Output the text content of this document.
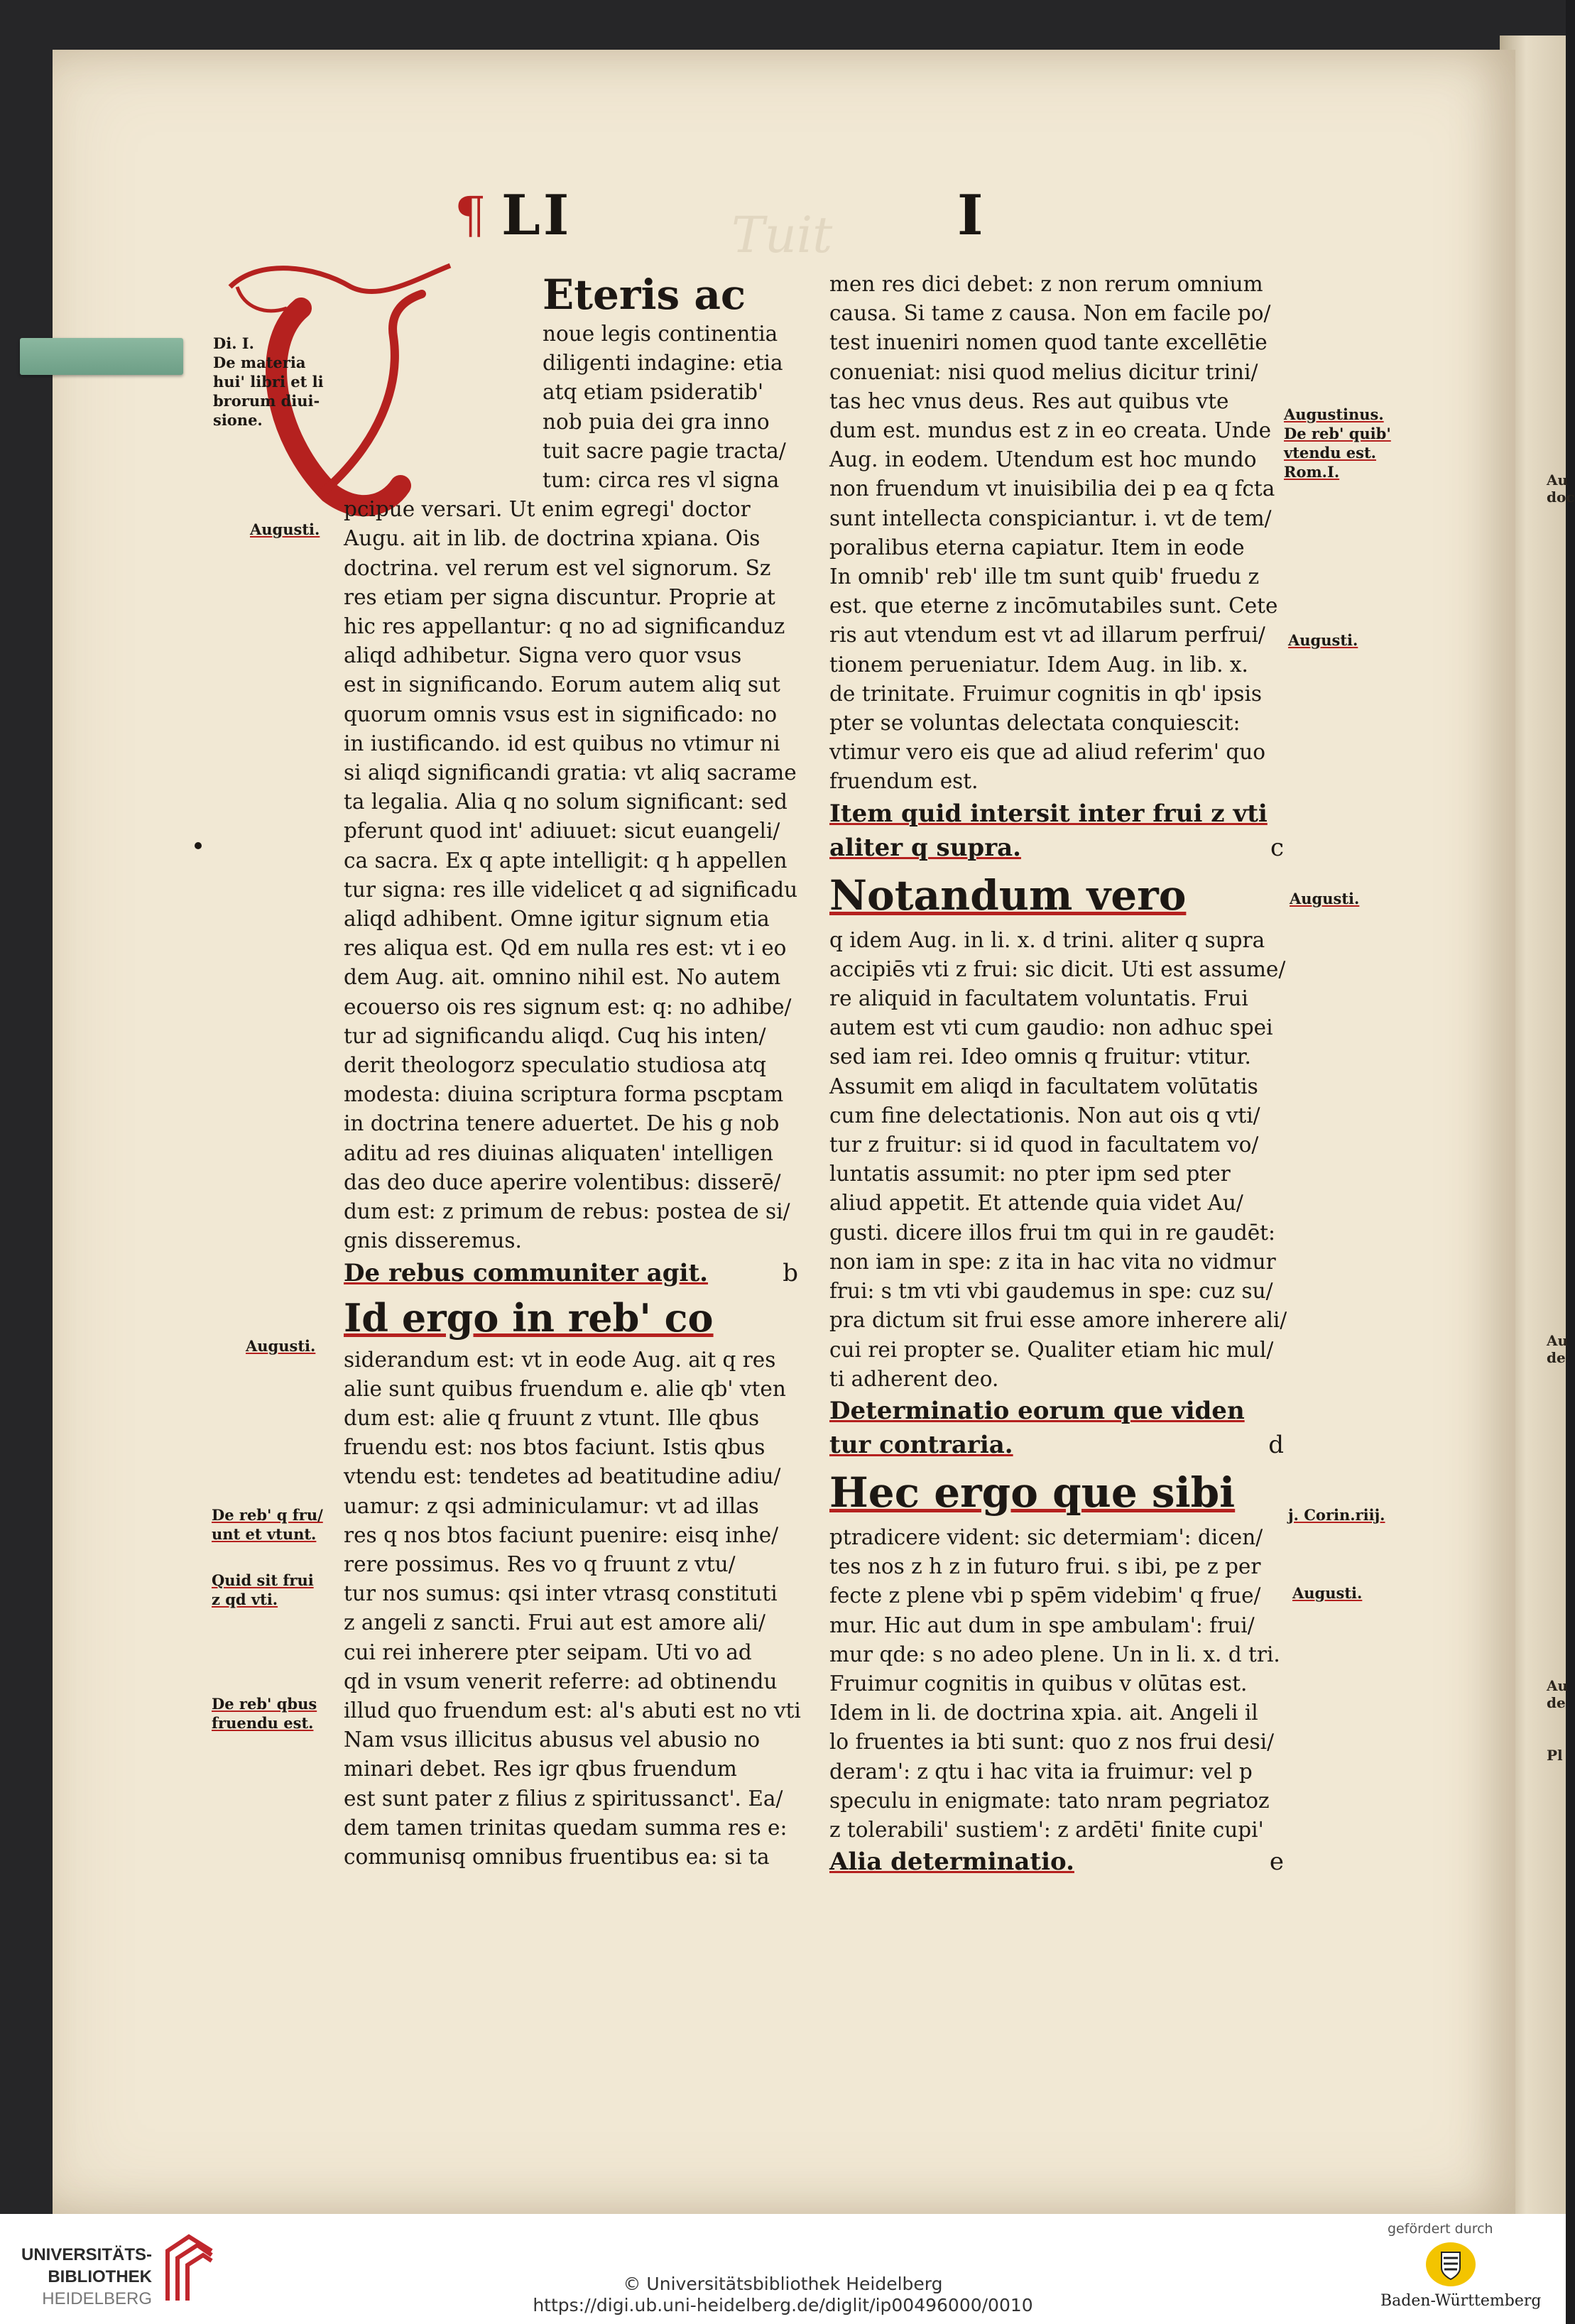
Tuit
¶ LI	I
Di. I.
De materia
hui' libri et li
brorum diui-
sione.
Augusti.
Augusti.
De reb' q fru/
unt et vtunt.
Quid sit frui
z qd vti.
De reb' qbus
fruendu est.
Augustinus.
De reb' quib'
vtendu est.
Rom.I.
Augusti.
Augusti.
j. Corin.riij.
Augusti.
Au
doc
Au
de
Au
de
Pl

Eteris ac

noue legis continentia

diligenti indagine: etia

atq etiam psideratib'

nob puia dei gra inno

tuit sacre pagie tracta/

tum: circa res vl signa

pcipue versari. Ut enim egregi' doctor

Augu. ait in lib. de doctrina xpiana. Ois

doctrina. vel rerum est vel signorum. Sz

res etiam per signa discuntur. Proprie at

hic res appellantur: q no ad significanduz

aliqd adhibetur. Signa vero quor vsus

est in significando. Eorum autem aliq sut

quorum omnis vsus est in significado: no

in iustificando. id est quibus no vtimur ni

si aliqd significandi gratia: vt aliq sacrame

ta legalia. Alia q no solum significant: sed

pferunt quod int' adiuuet: sicut euangeli/

ca sacra. Ex q apte intelligit: q h appellen

tur signa: res ille videlicet q ad significadu

aliqd adhibent. Omne igitur signum etia

res aliqua est. Qd em nulla res est: vt i eo

dem Aug. ait. omnino nihil est. No autem

ecouerso ois res signum est: q: no adhibe/

tur ad significandu aliqd. Cuq his inten/

derit theologorz speculatio studiosa atq

modesta: diuina scriptura forma pscptam

in doctrina tenere aduertet. De his g nob

aditu ad res diuinas aliquaten' intelligen

das deo duce aperire volentibus: disserē/

dum est: z primum de rebus: postea de si/

gnis disseremus.

De rebus communiter agit.	b

Id ergo in reb' co

siderandum est: vt in eode Aug. ait q res

alie sunt quibus fruendum e. alie qb' vten

dum est: alie q fruunt z vtunt. Ille qbus

fruendu est: nos btos faciunt. Istis qbus

vtendu est: tendetes ad beatitudine adiu/

uamur: z qsi adminiculamur: vt ad illas

res q nos btos faciunt puenire: eisq inhe/

rere possimus. Res vo q fruunt z vtu/

tur nos sumus: qsi inter vtrasq constituti

z angeli z sancti. Frui aut est amore ali/

cui rei inherere pter seipam. Uti vo ad

qd in vsum venerit referre: ad obtinendu

illud quo fruendum est: al's abuti est no vti

Nam vsus illicitus abusus vel abusio no

minari debet. Res igr qbus fruendum

est sunt pater z filius z spiritussanct'. Ea/

dem tamen trinitas quedam summa res e:

communisq omnibus fruentibus ea: si ta

men res dici debet: z non rerum omnium

causa. Si tame z causa. Non em facile po/

test inueniri nomen quod tante excellētie

conueniat: nisi quod melius dicitur trini/

tas hec vnus deus. Res aut quibus vte

dum est. mundus est z in eo creata. Unde

Aug. in eodem. Utendum est hoc mundo

non fruendum vt inuisibilia dei p ea q fcta

sunt intellecta conspiciantur. i. vt de tem/

poralibus eterna capiatur. Item in eode

In omnib' reb' ille tm sunt quib' fruedu z

est. que eterne z incōmutabiles sunt. Cete

ris aut vtendum est vt ad illarum perfrui/

tionem perueniatur. Idem Aug. in lib. x.

de trinitate. Fruimur cognitis in qb' ipsis

pter se voluntas delectata conquiescit:

vtimur vero eis que ad aliud referim' quo

fruendum est.

Item quid intersit inter frui z vti

aliter q supra.	c

Notandum vero

q idem Aug. in li. x. d trini. aliter q supra

accipiēs vti z frui: sic dicit. Uti est assume/

re aliquid in facultatem voluntatis. Frui

autem est vti cum gaudio: non adhuc spei

sed iam rei. Ideo omnis q fruitur: vtitur.

Assumit em aliqd in facultatem volūtatis

cum fine delectationis. Non aut ois q vti/

tur z fruitur: si id quod in facultatem vo/

luntatis assumit: no pter ipm sed pter

aliud appetit. Et attende quia videt Au/

gusti. dicere illos frui tm qui in re gaudēt:

non iam in spe: z ita in hac vita no vidmur

frui: s tm vti vbi gaudemus in spe: cuz su/

pra dictum sit frui esse amore inherere ali/

cui rei propter se. Qualiter etiam hic mul/

ti adherent deo.

Determinatio eorum que viden

tur contraria.	d

Hec ergo que sibi

ptradicere vident: sic determiam': dicen/

tes nos z h z in futuro frui. s ibi, pe z per

fecte z plene vbi p spēm videbim' q frue/

mur. Hic aut dum in spe ambulam': frui/

mur qde: s no adeo plene. Un in li. x. d tri.

Fruimur cognitis in quibus v olūtas est.

Idem in li. de doctrina xpia. ait. Angeli il

lo fruentes ia bti sunt: quo z nos frui desi/

deram': z qtu i hac vita ia fruimur: vel p

speculu in enigmate: tato nram pegriatoz

z tolerabili' sustiem': z ardēti' finite cupi'

Alia determinatio.	e

UNIVERSITÄTS-
BIBLIOTHEK
HEIDELBERG
© Universitätsbibliothek Heidelberg
https://digi.ub.uni-heidelberg.de/diglit/ip00496000/0010
gefördert durch
Baden-Württemberg
